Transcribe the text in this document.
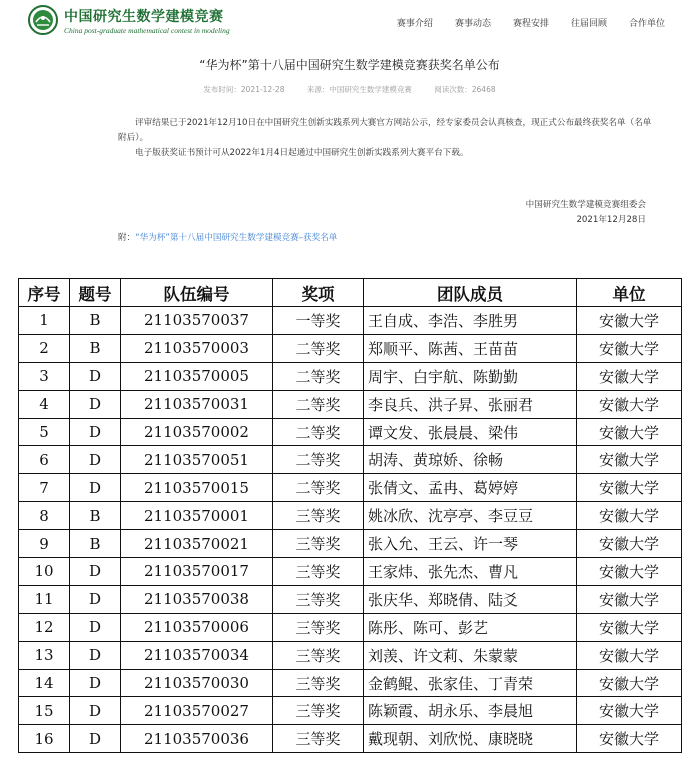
中国研究生数学建模竞赛
China post-graduate mathematical contest in modeling
赛事介绍 赛事动态 赛程安排 往届回顾 合作单位
“华为杯”第十八届中国研究生数学建模竞赛获奖名单公布
发布时间：2021-12-28	来源：中国研究生数学建模竞赛	阅读次数：26468
评审结果已于2021年12月10日在中国研究生创新实践系列大赛官方网站公示，经专家委员会认真核查，现正式公布最终获奖名单（名单附后）。
电子版获奖证书预计可从2022年1月4日起通过中国研究生创新实践系列大赛平台下载。
中国研究生数学建模竞赛组委会
2021年12月28日
附：“华为杯”第十八届中国研究生数学建模竞赛–获奖名单
序号	题号	队伍编号	奖项	团队成员	单位
1	B	21103570037	一等奖	王自成、李浩、李胜男	安徽大学
2	B	21103570003	二等奖	郑顺平、陈茜、王苗苗	安徽大学
3	D	21103570005	二等奖	周宇、白宇航、陈勤勤	安徽大学
4	D	21103570031	二等奖	李良兵、洪子昇、张丽君	安徽大学
5	D	21103570002	二等奖	谭文发、张晨晨、梁伟	安徽大学
6	D	21103570051	二等奖	胡涛、黄琼娇、徐畅	安徽大学
7	D	21103570015	二等奖	张倩文、孟冉、葛婷婷	安徽大学
8	B	21103570001	三等奖	姚冰欣、沈亭亭、李豆豆	安徽大学
9	B	21103570021	三等奖	张入允、王云、许一琴	安徽大学
10	D	21103570017	三等奖	王家炜、张先杰、曹凡	安徽大学
11	D	21103570038	三等奖	张庆华、郑晓倩、陆爻	安徽大学
12	D	21103570006	三等奖	陈彤、陈可、彭艺	安徽大学
13	D	21103570034	三等奖	刘羡、许文莉、朱蒙蒙	安徽大学
14	D	21103570030	三等奖	金鹤鲲、张家佳、丁青荣	安徽大学
15	D	21103570027	三等奖	陈颖霞、胡永乐、李晨旭	安徽大学
16	D	21103570036	三等奖	戴现朝、刘欣悦、康晓晓	安徽大学
